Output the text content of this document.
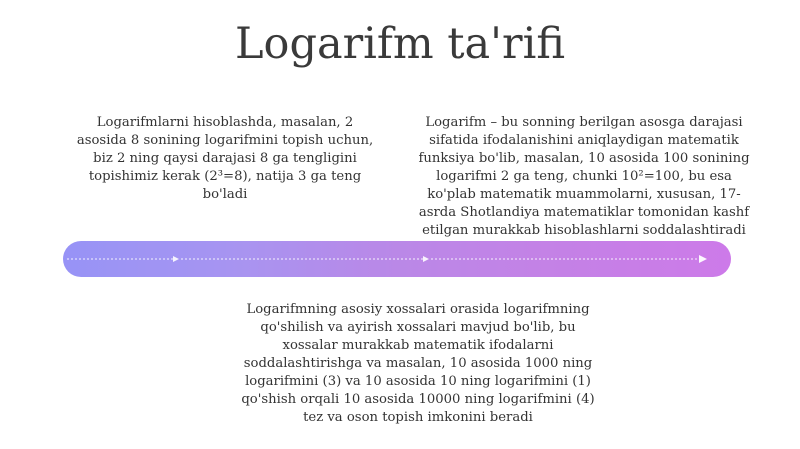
Logarifm ta'rifi

Logarifmlarni hisoblashda, masalan, 2 asosida 8 sonining logarifmini topish uchun, biz 2 ning qaysi darajasi 8 ga tengligini topishimiz kerak (2³=8), natija 3 ga teng bo'ladi

Logarifm – bu sonning berilgan asosga darajasi sifatida ifodalanishini aniqlaydigan matematik funksiya bo'lib, masalan, 10 asosida 100 sonining logarifmi 2 ga teng, chunki 10²=100, bu esa ko'plab matematik muammolarni, xususan, 17-asrda Shotlandiya matematiklar tomonidan kashf etilgan murakkab hisoblashlarni soddalashtiradi

Logarifmning asosiy xossalari orasida logarifmning qo'shilish va ayirish xossalari mavjud bo'lib, bu xossalar murakkab matematik ifodalarni soddalashtirishga va masalan, 10 asosida 1000 ning logarifmini (3) va 10 asosida 10 ning logarifmini (1) qo'shish orqali 10 asosida 10000 ning logarifmini (4) tez va oson topish imkonini beradi
